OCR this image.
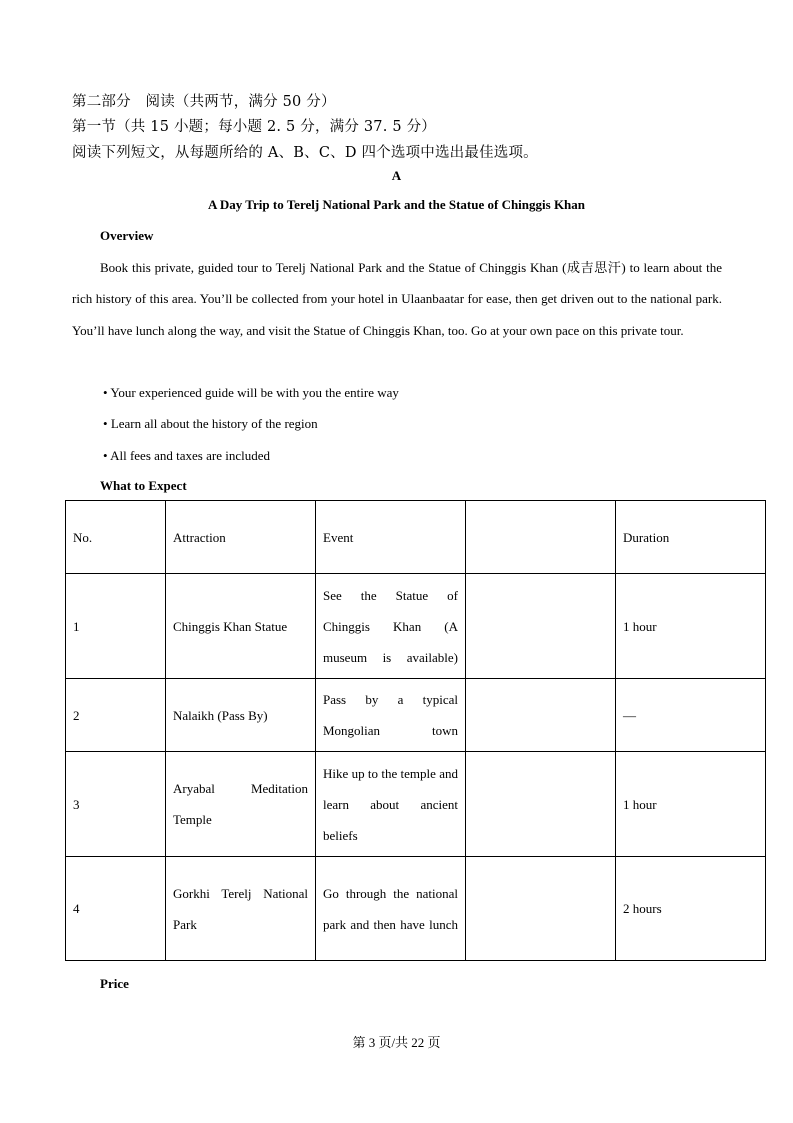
第二部分　阅读（共两节，满分 50 分）
第一节（共 15 小题；每小题 2. 5 分，满分 37. 5 分）
阅读下列短文，从每题所给的 A、B、C、D 四个选项中选出最佳选项。
A
A Day Trip to Terelj National Park and the Statue of Chinggis Khan
Overview
Book this private, guided tour to Terelj National Park and the Statue of Chinggis Khan (成吉思汗) to learn about the rich history of this area. You’ll be collected from your hotel in Ulaanbaatar for ease, then get driven out to the national park. You’ll have lunch along the way, and visit the Statue of Chinggis Khan, too. Go at your own pace on this private tour.
• Your experienced guide will be with you the entire way
• Learn all about the history of the region
• All fees and taxes are included
What to Expect
No.	Attraction	Event		Duration
1	Chinggis Khan Statue	See the Statue of Chinggis Khan (A museum is available)		1 hour
2	Nalaikh (Pass By)	Pass by a typical Mongolian town		—
3	Aryabal Meditation Temple	Hike up to the temple and learn about ancient beliefs		1 hour
4	Gorkhi Terelj National Park	Go through the national park and then have lunch		2 hours
Price
第 3 页/共 22 页
